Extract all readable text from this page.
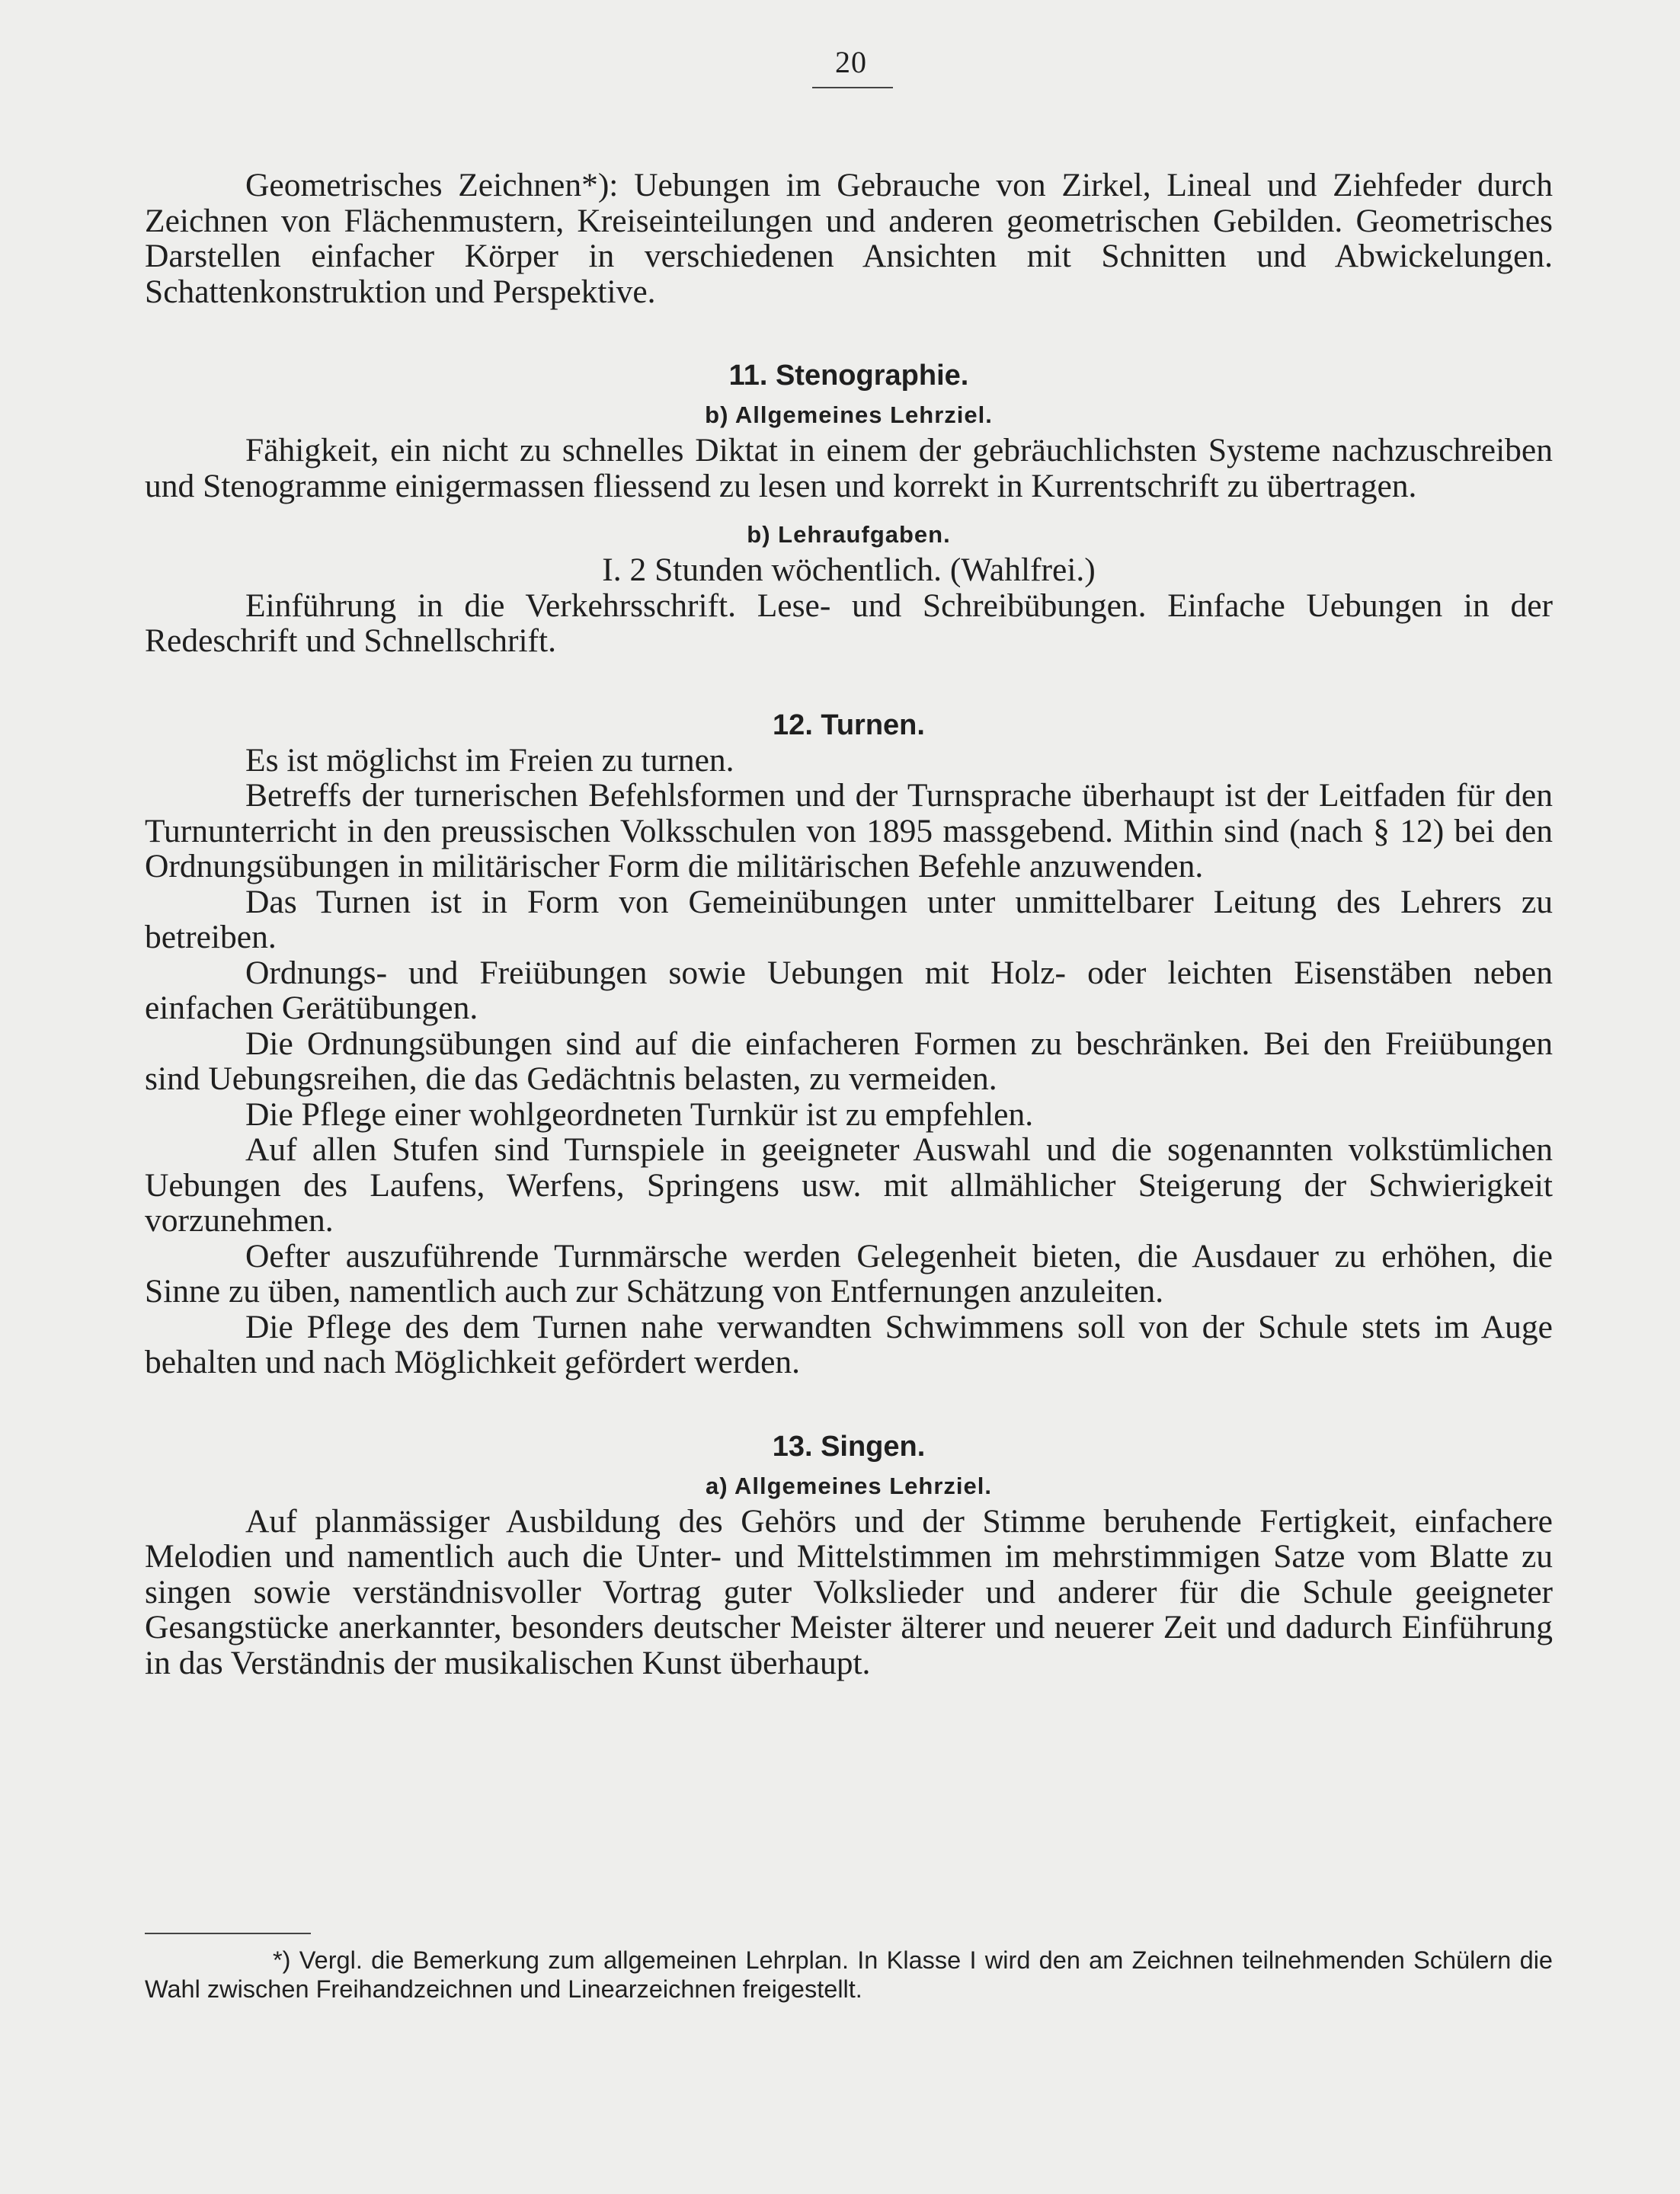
20

Geometrisches Zeichnen*): Uebungen im Gebrauche von Zirkel, Lineal und Ziehfeder durch Zeichnen von Flächenmustern, Kreiseinteilungen und anderen geometrischen Gebilden. Geometrisches Darstellen einfacher Körper in verschiedenen Ansichten mit Schnitten und Abwickelungen. Schattenkonstruktion und Perspektive.

11. Stenographie.
b) Allgemeines Lehrziel.

Fähigkeit, ein nicht zu schnelles Diktat in einem der gebräuchlichsten Systeme nachzuschreiben und Stenogramme einigermassen fliessend zu lesen und korrekt in Kurrentschrift zu übertragen.

b) Lehraufgaben.

I. 2 Stunden wöchentlich. (Wahlfrei.)

Einführung in die Verkehrsschrift. Lese- und Schreibübungen. Einfache Uebungen in der Redeschrift und Schnellschrift.

12. Turnen.

Es ist möglichst im Freien zu turnen.

Betreffs der turnerischen Befehlsformen und der Turnsprache überhaupt ist der Leitfaden für den Turnunterricht in den preussischen Volksschulen von 1895 massgebend. Mithin sind (nach § 12) bei den Ordnungsübungen in militärischer Form die militärischen Befehle anzuwenden.

Das Turnen ist in Form von Gemeinübungen unter unmittelbarer Leitung des Lehrers zu betreiben.

Ordnungs- und Freiübungen sowie Uebungen mit Holz- oder leichten Eisenstäben neben einfachen Gerätübungen.

Die Ordnungsübungen sind auf die einfacheren Formen zu beschränken. Bei den Freiübungen sind Uebungsreihen, die das Gedächtnis belasten, zu vermeiden.

Die Pflege einer wohlgeordneten Turnkür ist zu empfehlen.

Auf allen Stufen sind Turnspiele in geeigneter Auswahl und die sogenannten volkstümlichen Uebungen des Laufens, Werfens, Springens usw. mit allmählicher Steigerung der Schwierigkeit vorzunehmen.

Oefter auszuführende Turnmärsche werden Gelegenheit bieten, die Ausdauer zu erhöhen, die Sinne zu üben, namentlich auch zur Schätzung von Entfernungen anzuleiten.

Die Pflege des dem Turnen nahe verwandten Schwimmens soll von der Schule stets im Auge behalten und nach Möglichkeit gefördert werden.

13. Singen.
a) Allgemeines Lehrziel.

Auf planmässiger Ausbildung des Gehörs und der Stimme beruhende Fertigkeit, einfachere Melodien und namentlich auch die Unter- und Mittelstimmen im mehrstimmigen Satze vom Blatte zu singen sowie verständnisvoller Vortrag guter Volkslieder und anderer für die Schule geeigneter Gesangstücke anerkannter, besonders deutscher Meister älterer und neuerer Zeit und dadurch Einführung in das Verständnis der musikalischen Kunst überhaupt.

*) Vergl. die Bemerkung zum allgemeinen Lehrplan. In Klasse I wird den am Zeichnen teilnehmenden Schülern die Wahl zwischen Freihandzeichnen und Linearzeichnen freigestellt.
